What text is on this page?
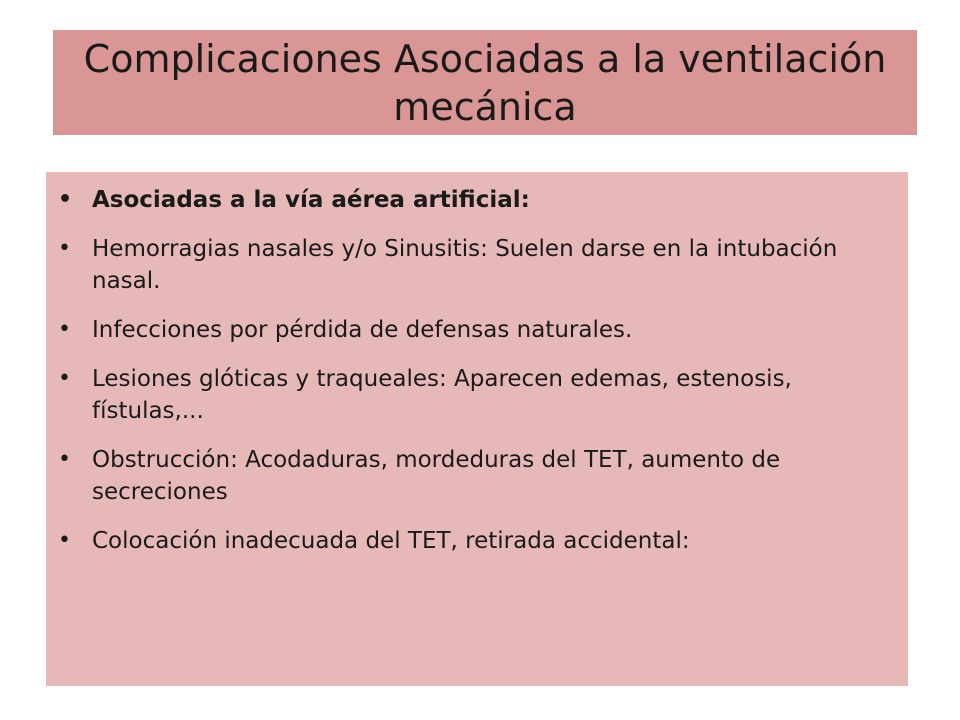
Complicaciones Asociadas a la ventilación mecánica
• Asociadas a la vía aérea artificial:
• Hemorragias nasales y/o Sinusitis: Suelen darse en la intubación nasal.
• Infecciones por pérdida de defensas naturales.
• Lesiones glóticas y traqueales: Aparecen edemas, estenosis, fístulas,...
• Obstrucción: Acodaduras, mordeduras del TET, aumento de secreciones
• Colocación inadecuada del TET, retirada accidental:
